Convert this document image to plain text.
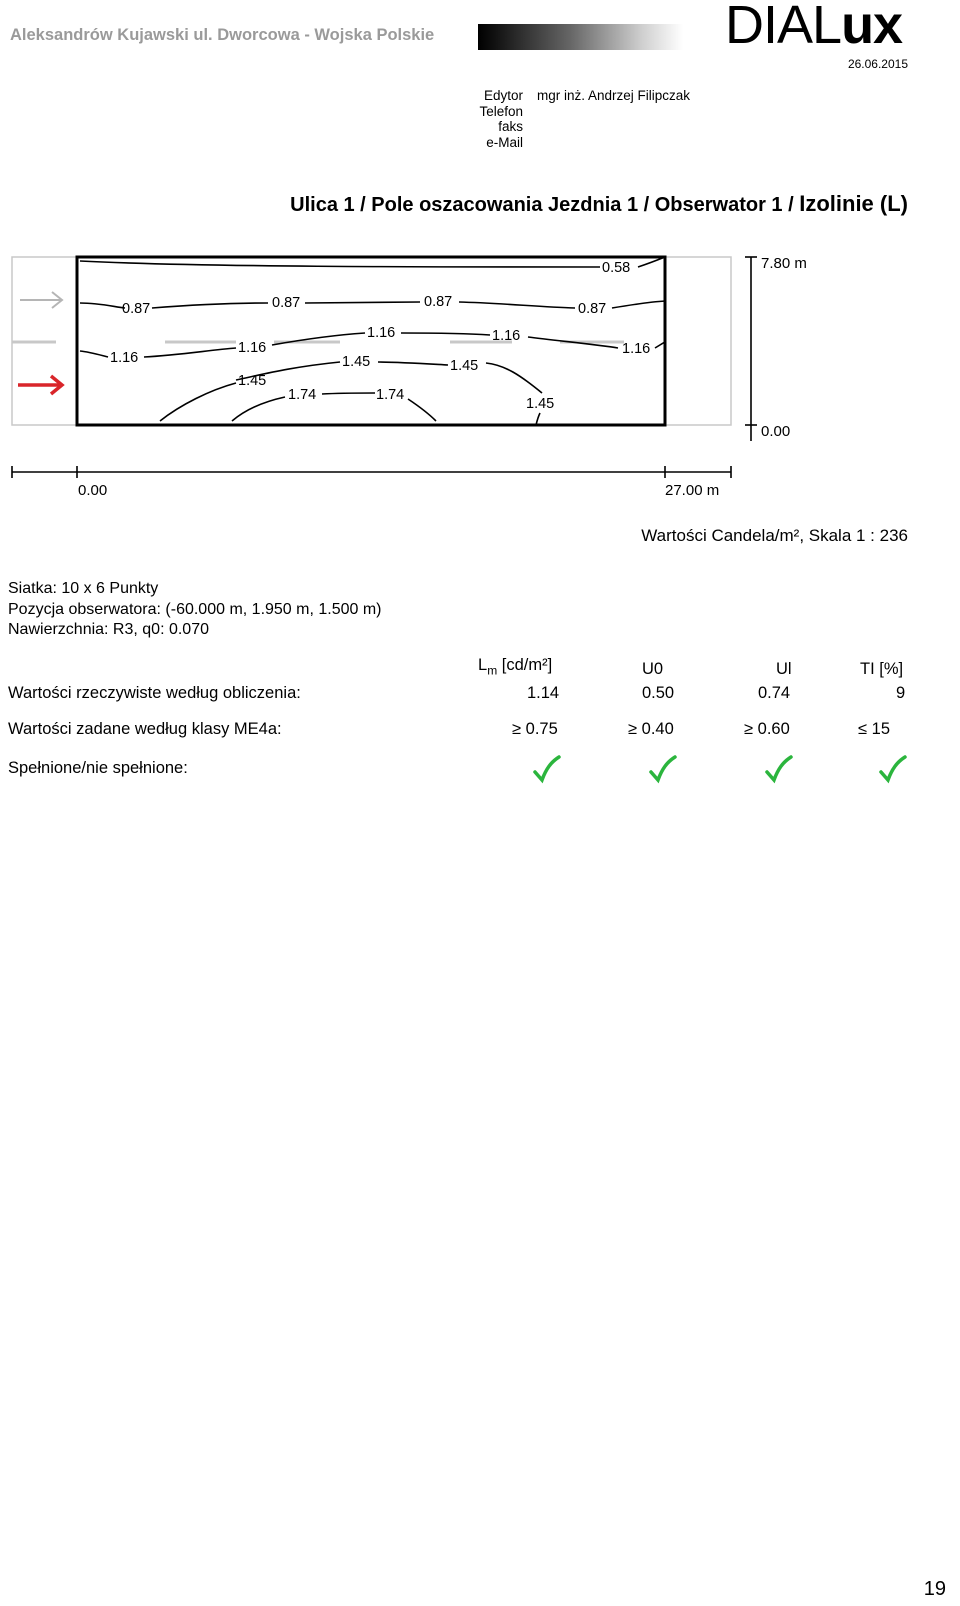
Aleksandrów Kujawski ul. Dworcowa - Wojska Polskie	DIALux
26.06.2015
Edytor
Telefon
faks
e-Mail
mgr inż. Andrzej Filipczak
Ulica 1 / Pole oszacowania Jezdnia 1 / Obserwator 1 / Izolinie (L)
0.58
0.87	0.87	0.87	0.87
1.16
1.16
1.16	1.16
1.16
1.45	1.45
1.45
1.45
1.74	1.74
7.80 m
0.00
0.00	27.00 m
Wartości Candela/m², Skala 1 : 236
Siatka: 10 x 6 Punkty
Pozycja obserwatora: (-60.000 m, 1.950 m, 1.500 m)
Nawierzchnia: R3, q0: 0.070
$L_m$ [cd/m²]	U0	Ul	TI [%]
Wartości rzeczywiste według obliczenia:	1.14	0.50	0.74	9
Wartości zadane według klasy ME4a:	≥ 0.75	≥ 0.40	≥ 0.60	≤ 15
Spełnione/nie spełnione:
19
